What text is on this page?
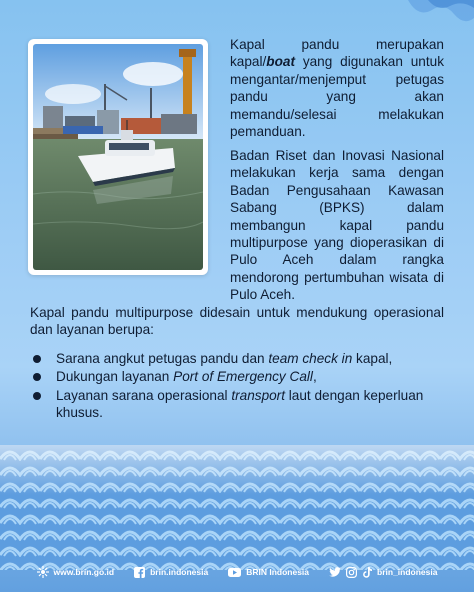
Kapal pandu merupakan kapal/boat yang digunakan untuk mengantar/menjemput petugas pandu yang akan memandu/selesai melakukan pemanduan.

Badan Riset dan Inovasi Nasional melakukan kerja sama dengan Badan Pengusahaan Kawasan Sabang (BPKS) dalam membangun kapal pandu multipurpose yang dioperasikan di Pulo Aceh dalam rangka mendorong pertumbuhan wisata di Pulo Aceh.

Kapal pandu multipurpose didesain untuk mendukung operasional dan layanan berupa:

Sarana angkut petugas pandu dan team check in kapal,
Dukungan layanan Port of Emergency Call,
Layanan sarana operasional transport laut dengan keperluan khusus.
www.brin.go.id	brin.indonesia	BRIN Indonesia	brin_indonesia
